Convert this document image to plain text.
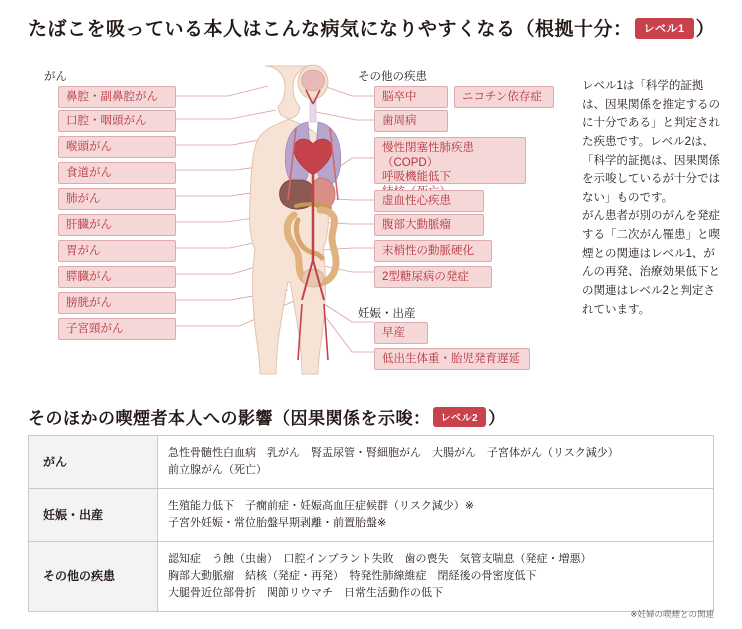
たばこを吸っている本人はこんな病気になりやすくなる（根拠十分： レベル1 ）
がん	その他の疾患
妊娠・出産
鼻腔・副鼻腔がん
口腔・咽頭がん
喉頭がん
食道がん
肺がん
肝臓がん
胃がん
膵臓がん
膀胱がん
子宮頸がん
脳卒中	ニコチン依存症
歯周病
慢性閉塞性肺疾患（COPD）
呼吸機能低下

虚血性心疾患
腹部大動脈瘤
末梢性の動脈硬化
2型糖尿病の発症
早産
低出生体重・胎児発育遅延
レベル1は「科学的証拠は、因果関係を推定するのに十分である」と判定された疾患です。レベル2は、「科学的証拠は、因果関係を示唆しているが十分ではない」ものです。
がん患者が別のがんを発症する「二次がん罹患」と喫煙との関連はレベル1、がんの再発、治療効果低下との関連はレベル2と判定されています。
そのほかの喫煙者本人への影響（因果関係を示唆： レベル2 ）
がん	急性骨髄性白血病　乳がん　腎盂尿管・腎細胞がん　大腸がん　子宮体がん（リスク減少）
前立腺がん（死亡）
妊娠・出産	生殖能力低下　子癇前症・妊娠高血圧症候群（リスク減少）※
子宮外妊娠・常位胎盤早期剥離・前置胎盤※
その他の疾患	認知症　う蝕（虫歯）　口腔インプラント失敗　歯の喪失　気管支喘息（発症・増悪）
胸部大動脈瘤　結核（発症・再発）　特発性肺線維症　閉経後の骨密度低下
大腿骨近位部骨折　関節リウマチ　日常生活動作の低下
※妊婦の喫煙との関連
